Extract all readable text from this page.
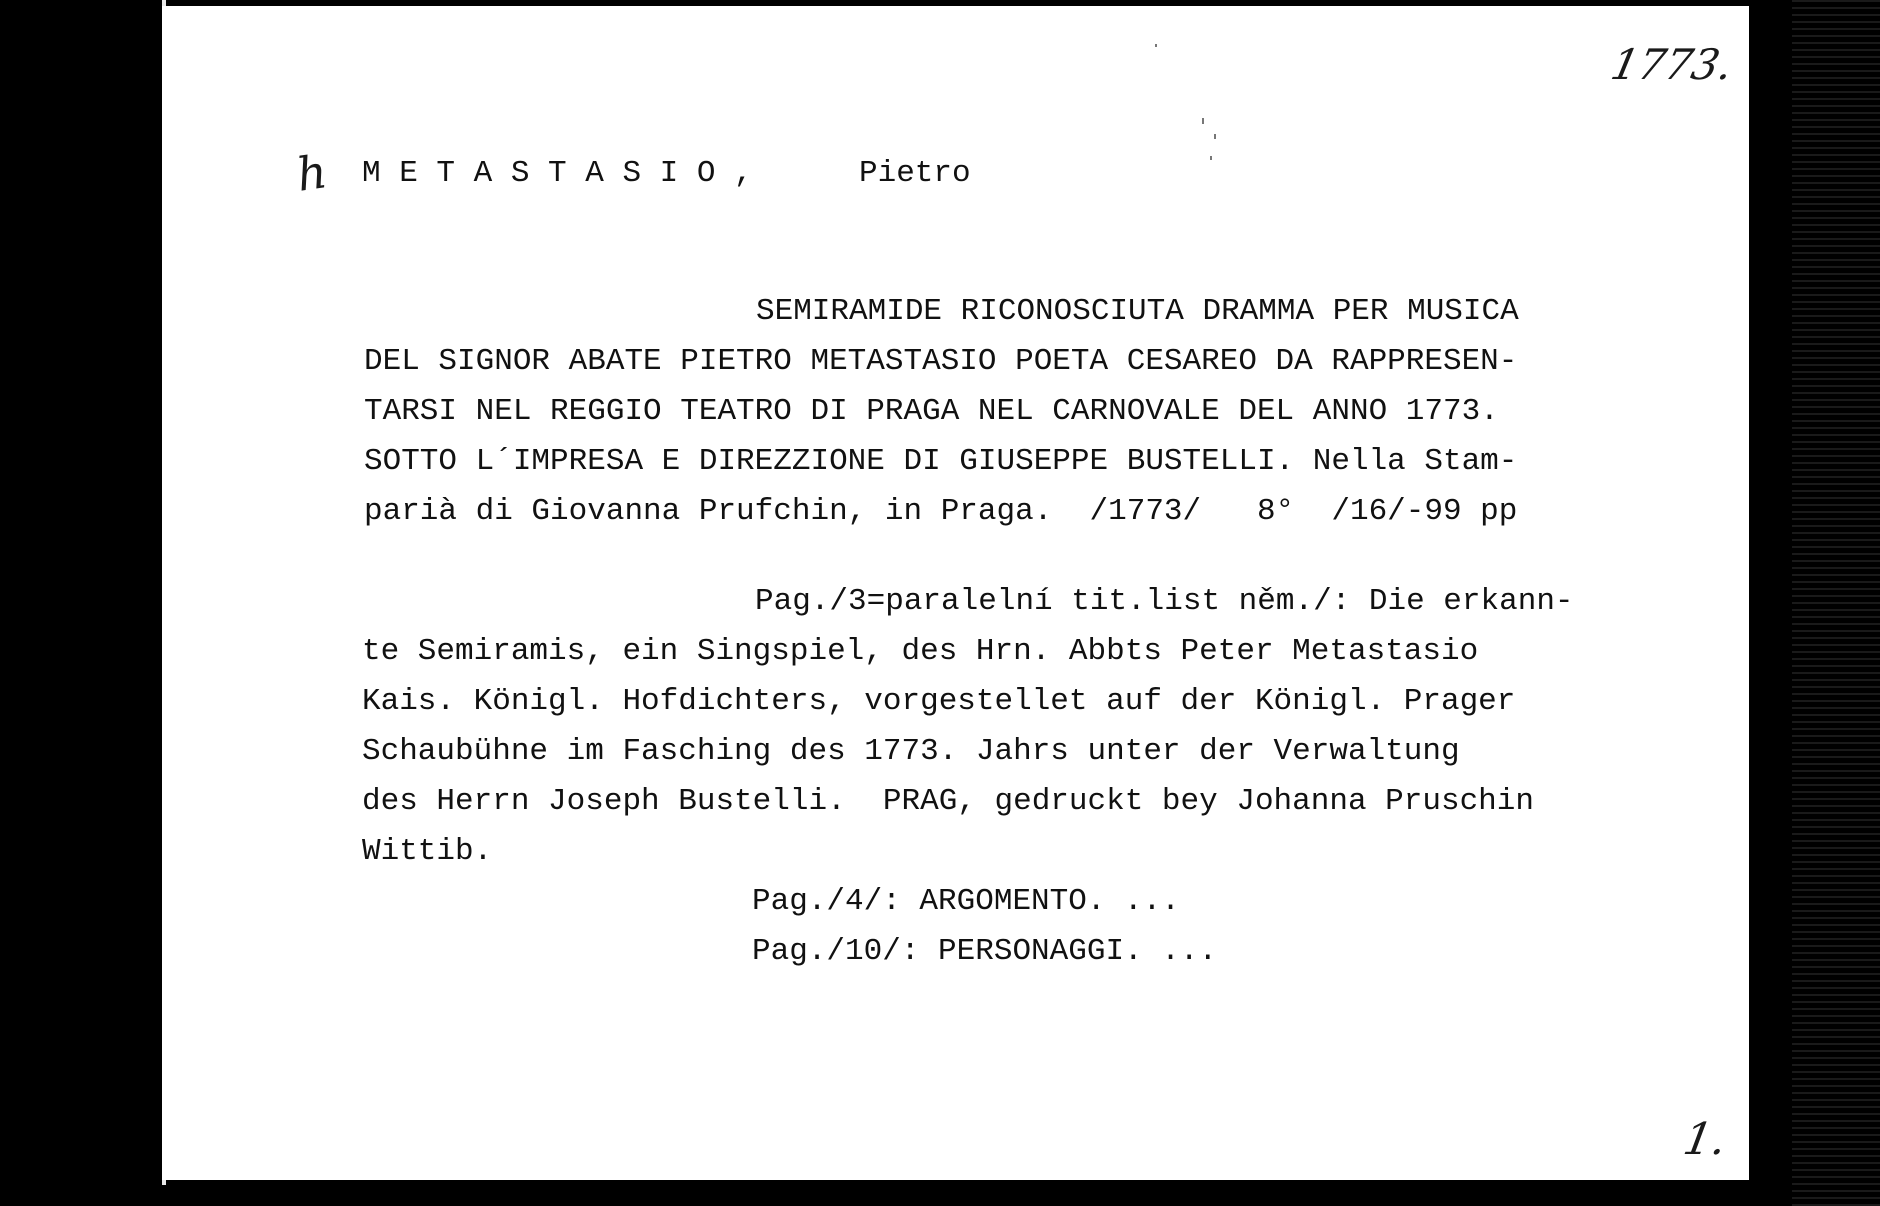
1773.
h M E T A S T A S I O ,	Pietro
SEMIRAMIDE RICONOSCIUTA DRAMMA PER MUSICA
DEL SIGNOR ABATE PIETRO METASTASIO POETA CESAREO DA RAPPRESEN-
TARSI NEL REGGIO TEATRO DI PRAGA NEL CARNOVALE DEL ANNO 1773.
SOTTO L´IMPRESA E DIREZZIONE DI GIUSEPPE BUSTELLI. Nella Stam-
parià di Giovanna Prufchin, in Praga.  /1773/   8°  /16/-99 pp
Pag./3=paralelní tit.list něm./: Die erkann-
te Semiramis, ein Singspiel, des Hrn. Abbts Peter Metastasio
Kais. Königl. Hofdichters, vorgestellet auf der Königl. Prager
Schaubühne im Fasching des 1773. Jahrs unter der Verwaltung
des Herrn Joseph Bustelli.  PRAG, gedruckt bey Johanna Pruschin
Wittib.
Pag./4/: ARGOMENTO. ...
Pag./10/: PERSONAGGI. ...
1.
